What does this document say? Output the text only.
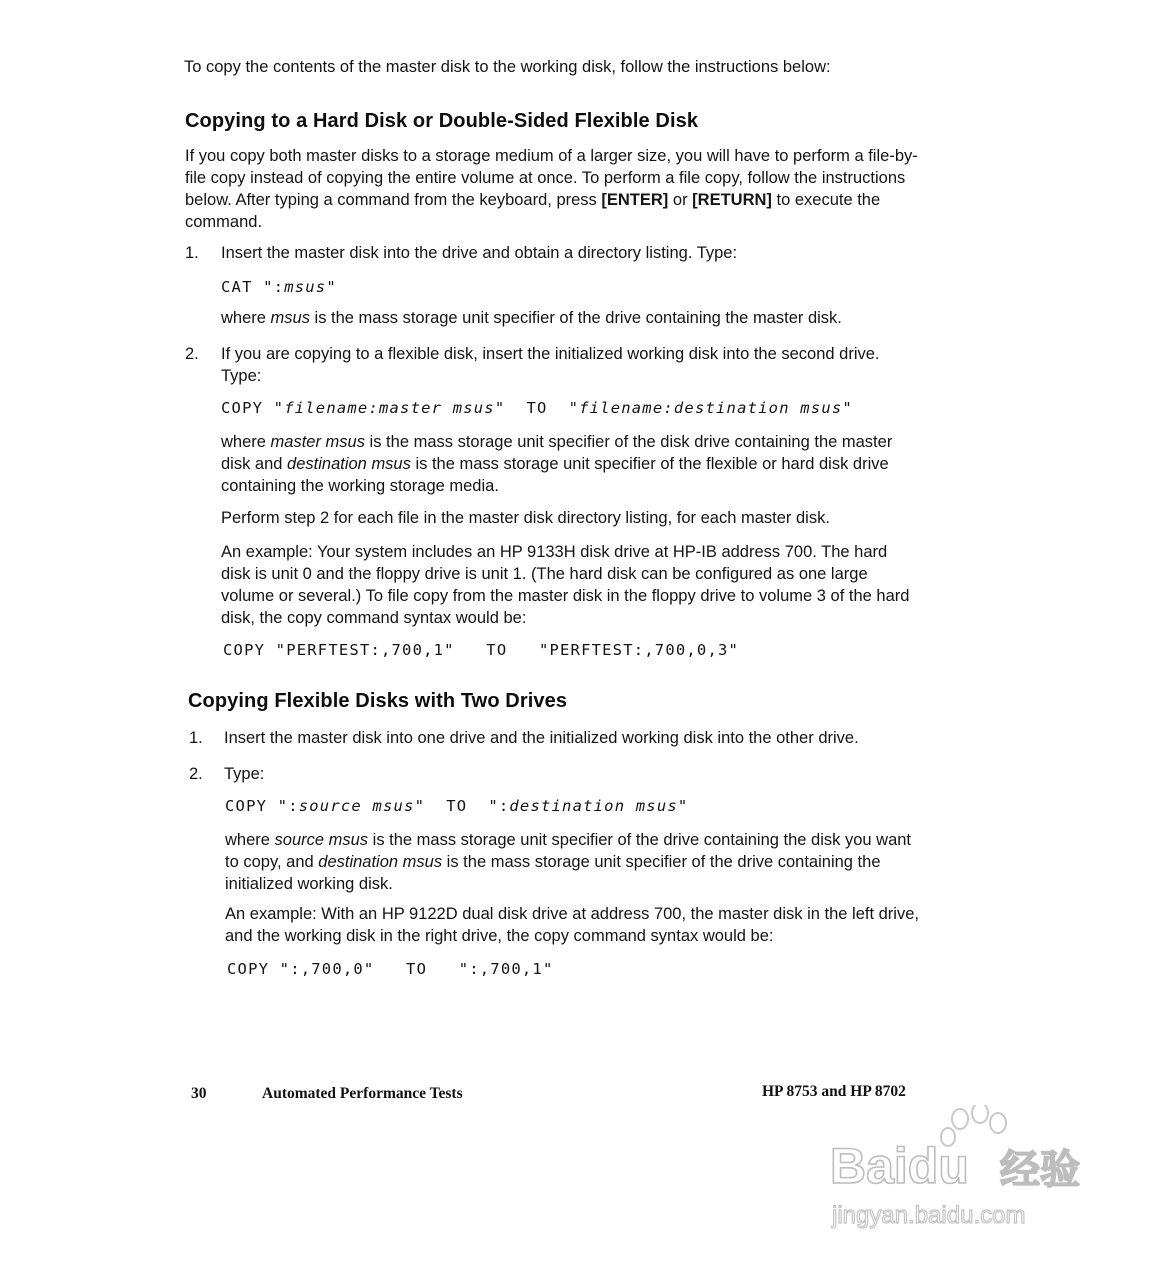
To copy the contents of the master disk to the working disk, follow the instructions below:

Copying to a Hard Disk or Double-Sided Flexible Disk

If you copy both master disks to a storage medium of a larger size, you will have to perform a file-by-file copy instead of copying the entire volume at once. To perform a file copy, follow the instructions below. After typing a command from the keyboard, press [ENTER] or [RETURN] to execute the command.

1. Insert the master disk into the drive and obtain a directory listing. Type:

CAT ":msus"

where msus is the mass storage unit specifier of the drive containing the master disk.

2. If you are copying to a flexible disk, insert the initialized working disk into the second drive. Type:

COPY "filename:master msus"  TO  "filename:destination msus"

where master msus is the mass storage unit specifier of the disk drive containing the master disk and destination msus is the mass storage unit specifier of the flexible or hard disk drive containing the working storage media.

Perform step 2 for each file in the master disk directory listing, for each master disk.

An example: Your system includes an HP 9133H disk drive at HP-IB address 700. The hard disk is unit 0 and the floppy drive is unit 1. (The hard disk can be configured as one large volume or several.) To file copy from the master disk in the floppy drive to volume 3 of the hard disk, the copy command syntax would be:

COPY "PERFTEST:,700,1"   TO   "PERFTEST:,700,0,3"

Copying Flexible Disks with Two Drives
1. Insert the master disk into one drive and the initialized working disk into the other drive.

2. Type:

COPY ":source msus"  TO  ":destination msus"

where source msus is the mass storage unit specifier of the drive containing the disk you want to copy, and destination msus is the mass storage unit specifier of the drive containing the initialized working disk.

An example: With an HP 9122D dual disk drive at address 700, the master disk in the left drive, and the working disk in the right drive, the copy command syntax would be:

COPY ":,700,0"   TO   ":,700,1"

30	Automated Performance Tests	HP 8753 and HP 8702
Baidu 经验
jingyan.baidu.com
